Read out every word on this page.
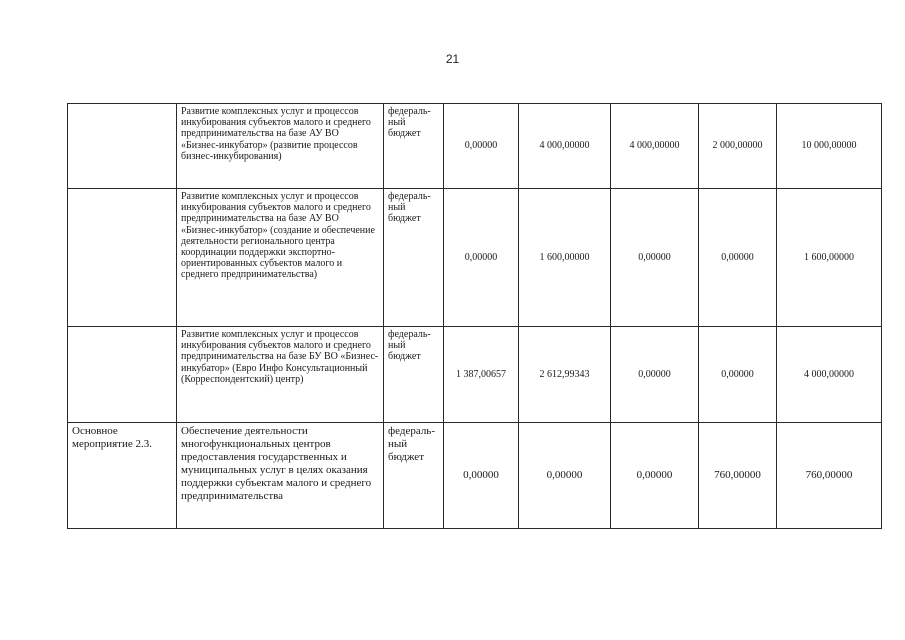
21
	Развитие комплексных услуг и процессов инкубирования субъектов малого и среднего предпринимательства на базе АУ ВО «Бизнес-инкубатор» (развитие процессов бизнес-инкубирования)	федераль-ный бюджет	0,00000	4 000,00000	4 000,00000	2 000,00000	10 000,00000
	Развитие комплексных услуг и процессов инкубирования субъектов малого и среднего предпринимательства на базе АУ ВО «Бизнес-инкубатор» (создание и обеспечение деятельности регионального центра координации поддержки экспортно-ориентированных субъектов малого и среднего предпринимательства)	федераль-ный бюджет	0,00000	1 600,00000	0,00000	0,00000	1 600,00000
	Развитие комплексных услуг и процессов инкубирования субъектов малого и среднего предпринимательства на базе БУ ВО «Бизнес-инкубатор» (Евро Инфо Консультационный (Корреспондентский) центр)	федераль-ный бюджет	1 387,00657	2 612,99343	0,00000	0,00000	4 000,00000
Основное мероприятие 2.3.	Обеспечение деятельности многофункциональных центров предоставления государственных и муниципальных услуг в целях оказания поддержки субъектам малого и среднего предпринимательства	федераль-ный бюджет	0,00000	0,00000	0,00000	760,00000	760,00000
